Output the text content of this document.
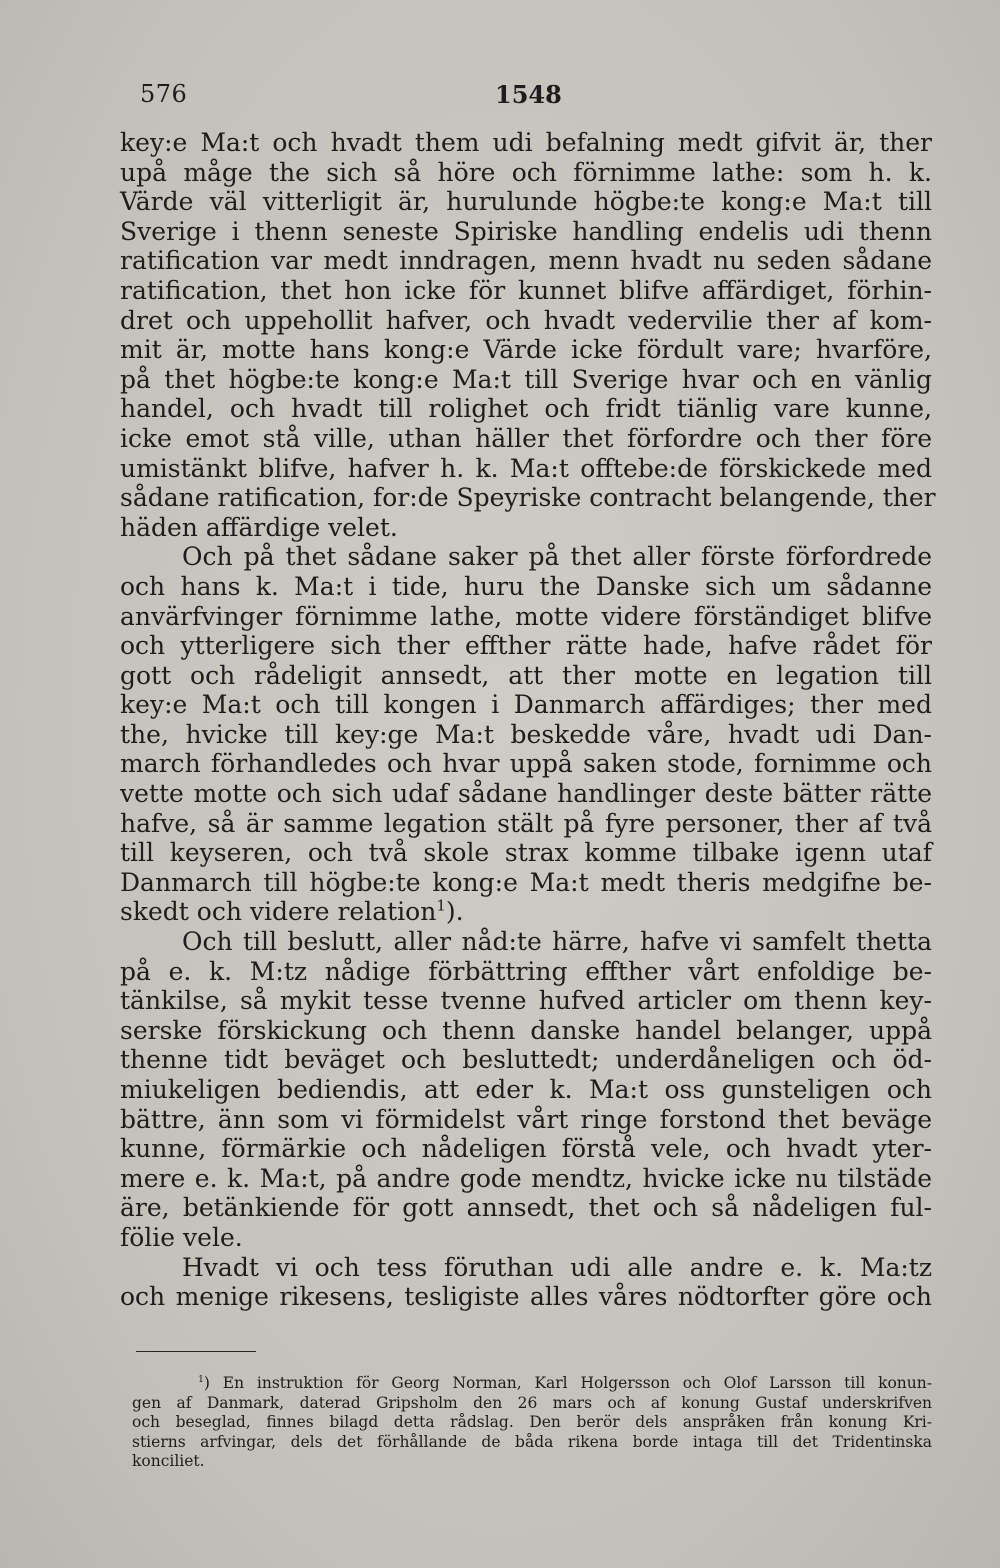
576	1548
key:e Ma:t och hvadt them udi befalning medt gifvit är, ther
upå måge the sich så höre och förnimme lathe: som h. k.
Värde väl vitterligit är, hurulunde högbe:te kong:e Ma:t till
Sverige i thenn seneste Spiriske handling endelis udi thenn
ratification var medt inndragen, menn hvadt nu seden sådane
ratification, thet hon icke för kunnet blifve affärdiget, förhin-
dret och uppehollit hafver, och hvadt vedervilie ther af kom-
mit är, motte hans kong:e Värde icke fördult vare; hvarföre,
på thet högbe:te kong:e Ma:t till Sverige hvar och en vänlig
handel, och hvadt till rolighet och fridt tiänlig vare kunne,
icke emot stå ville, uthan häller thet förfordre och ther före
umistänkt blifve, hafver h. k. Ma:t offtebe:de förskickede med
sådane ratification, for:de Speyriske contracht belangende, ther
häden affärdige velet.
Och på thet sådane saker på thet aller förste förfordrede
och hans k. Ma:t i tide, huru the Danske sich um sådanne
anvärfvinger förnimme lathe, motte videre förständiget blifve
och ytterligere sich ther effther rätte hade, hafve rådet för
gott och rådeligit annsedt, att ther motte en legation till
key:e Ma:t och till kongen i Danmarch affärdiges; ther med
the, hvicke till key:ge Ma:t beskedde våre, hvadt udi Dan-
march förhandledes och hvar uppå saken stode, fornimme och
vette motte och sich udaf sådane handlinger deste bätter rätte
hafve, så är samme legation stält på fyre personer, ther af två
till keyseren, och två skole strax komme tilbake igenn utaf
Danmarch till högbe:te kong:e Ma:t medt theris medgifne be-
skedt och videre relation$^1$).
Och till beslutt, aller nåd:te härre, hafve vi samfelt thetta
på e. k. M:tz nådige förbättring effther vårt enfoldige be-
tänkilse, så mykit tesse tvenne hufved articler om thenn key-
serske förskickung och thenn danske handel belanger, uppå
thenne tidt beväget och besluttedt; underdåneligen och öd-
miukeligen bediendis, att eder k. Ma:t oss gunsteligen och
bättre, änn som vi förmidelst vårt ringe forstond thet beväge
kunne, förmärkie och nådeligen förstå vele, och hvadt yter-
mere e. k. Ma:t, på andre gode mendtz, hvicke icke nu tilstäde
äre, betänkiende för gott annsedt, thet och så nådeligen ful-
fölie vele.
Hvadt vi och tess föruthan udi alle andre e. k. Ma:tz
och menige rikesens, tesligiste alles våres nödtorfter göre och
$^1$) En instruktion för Georg Norman, Karl Holgersson och Olof Larsson till konun-
gen af Danmark, daterad Gripsholm den 26 mars och af konung Gustaf underskrifven
och beseglad, finnes bilagd detta rådslag. Den berör dels anspråken från konung Kri-
stierns arfvingar, dels det förhållande de båda rikena borde intaga till det Tridentinska
konciliet.
